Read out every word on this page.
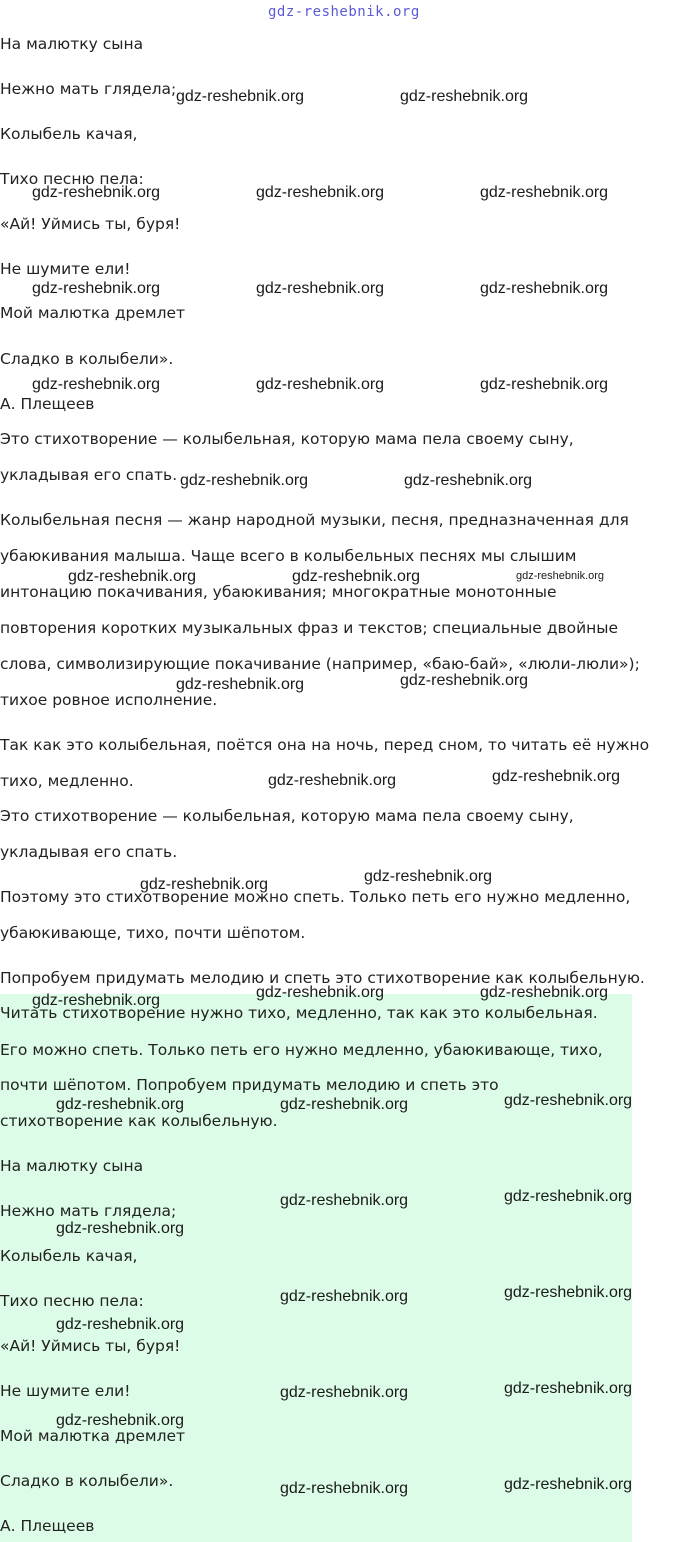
gdz-reshebnik.org
На малютку сына
Нежно мать глядела;
Колыбель качая,
Тихо песню пела:
«Ай! Уймись ты, буря!
Не шумите ели!
Мой малютка дремлет
Сладко в колыбели».
А. Плещеев
Это стихотворение — колыбельная, которую мама пела своему сыну,
укладывая его спать.
Колыбельная песня — жанр народной музыки, песня, предназначенная для
убаюкивания малыша. Чаще всего в колыбельных песнях мы слышим
интонацию покачивания, убаюкивания; многократные монотонные
повторения коротких музыкальных фраз и текстов; специальные двойные
слова, символизирующие покачивание (например, «баю-бай», «люли-люли»);
тихое ровное исполнение.
Так как это колыбельная, поётся она на ночь, перед сном, то читать её нужно
тихо, медленно.
Это стихотворение — колыбельная, которую мама пела своему сыну,
укладывая его спать.
Поэтому это стихотворение можно спеть. Только петь его нужно медленно,
убаюкивающе, тихо, почти шёпотом.
Попробуем придумать мелодию и спеть это стихотворение как колыбельную.
Читать стихотворение нужно тихо, медленно, так как это колыбельная.
Его можно спеть. Только петь его нужно медленно, убаюкивающе, тихо,
почти шёпотом. Попробуем придумать мелодию и спеть это
стихотворение как колыбельную.
На малютку сына
Нежно мать глядела;
Колыбель качая,
Тихо песню пела:
«Ай! Уймись ты, буря!
Не шумите ели!
Мой малютка дремлет
Сладко в колыбели».
А. Плещеев
gdz-reshebnik.org	gdz-reshebnik.org
gdz-reshebnik.org	gdz-reshebnik.org	gdz-reshebnik.org
gdz-reshebnik.org	gdz-reshebnik.org	gdz-reshebnik.org
gdz-reshebnik.org	gdz-reshebnik.org	gdz-reshebnik.org
gdz-reshebnik.org	gdz-reshebnik.org
gdz-reshebnik.org	gdz-reshebnik.org	gdz-reshebnik.org
gdz-reshebnik.org	gdz-reshebnik.org
gdz-reshebnik.org	gdz-reshebnik.org
gdz-reshebnik.org	gdz-reshebnik.org
gdz-reshebnik.org	gdz-reshebnik.org	gdz-reshebnik.org
gdz-reshebnik.org	gdz-reshebnik.org	gdz-reshebnik.org
gdz-reshebnik.org	gdz-reshebnik.org
gdz-reshebnik.org
gdz-reshebnik.org	gdz-reshebnik.org
gdz-reshebnik.org
gdz-reshebnik.org	gdz-reshebnik.org
gdz-reshebnik.org
gdz-reshebnik.org	gdz-reshebnik.org
